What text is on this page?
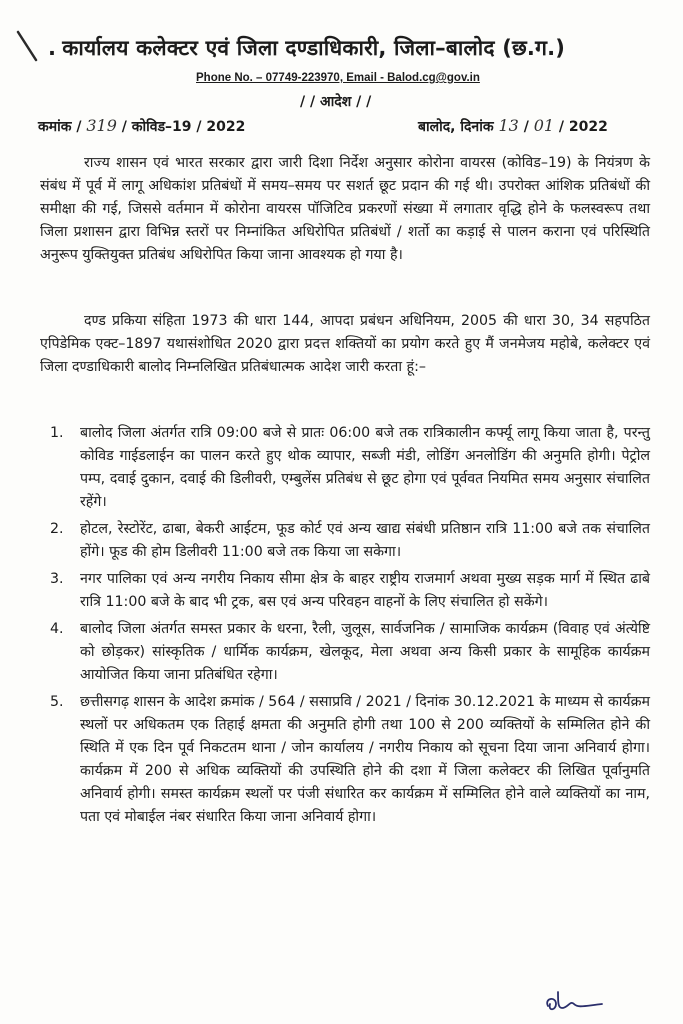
. कार्यालय कलेक्टर एवं जिला दण्डाधिकारी, जिला–बालोद (छ.ग.)
Phone No. – 07749-223970, Email - Balod.cg@gov.in
/ / आदेश / /
कमांक / 319 / कोविड–19 / 2022	बालोद, दिनांक 13 / 01 / 2022
राज्य शासन एवं भारत सरकार द्वारा जारी दिशा निर्देश अनुसार कोरोना वायरस (कोविड–19) के नियंत्रण के संबंध में पूर्व में लागू अधिकांश प्रतिबंधों में समय–समय पर सशर्त छूट प्रदान की गई थी। उपरोक्त आंशिक प्रतिबंधों की समीक्षा की गई, जिससे वर्तमान में कोरोना वायरस पॉजिटिव प्रकरणों संख्या में लगातार वृद्धि होने के फलस्वरूप तथा जिला प्रशासन द्वारा विभिन्न स्तरों पर निम्नांकित अधिरोपित प्रतिबंधों / शर्तो का कड़ाई से पालन कराना एवं परिस्थिति अनुरूप युक्तियुक्त प्रतिबंध अधिरोपित किया जाना आवश्यक हो गया है।
दण्ड प्रकिया संहिता 1973 की धारा 144, आपदा प्रबंधन अधिनियम, 2005 की धारा 30, 34 सहपठित एपिडेमिक एक्ट–1897 यथासंशोधित 2020 द्वारा प्रदत्त शक्तियों का प्रयोग करते हुए मैं जनमेजय महोबे, कलेक्टर एवं जिला दण्डाधिकारी बालोद निम्नलिखित प्रतिबंधात्मक आदेश जारी करता हूं:–
1.	बालोद जिला अंतर्गत रात्रि 09:00 बजे से प्रातः 06:00 बजे तक रात्रिकालीन कर्फ्यू लागू किया जाता है, परन्तु कोविड गाईडलाईन का पालन करते हुए थोक व्यापार, सब्जी मंडी, लोडिंग अनलोडिंग की अनुमति होगी। पेट्रोल पम्प, दवाई दुकान, दवाई की डिलीवरी, एम्बुलेंस प्रतिबंध से छूट होगा एवं पूर्ववत नियमित समय अनुसार संचालित रहेंगे।
2.	होटल, रेस्टोरेंट, ढाबा, बेकरी आईटम, फूड कोर्ट एवं अन्य खाद्य संबंधी प्रतिष्ठान रात्रि 11:00 बजे तक संचालित होंगे। फूड की होम डिलीवरी 11:00 बजे तक किया जा सकेगा।
3.	नगर पालिका एवं अन्य नगरीय निकाय सीमा क्षेत्र के बाहर राष्ट्रीय राजमार्ग अथवा मुख्य सड़क मार्ग में स्थित ढाबे रात्रि 11:00 बजे के बाद भी ट्रक, बस एवं अन्य परिवहन वाहनों के लिए संचालित हो सकेंगे।
4.	बालोद जिला अंतर्गत समस्त प्रकार के धरना, रैली, जुलूस, सार्वजनिक / सामाजिक कार्यक्रम (विवाह एवं अंत्येष्टि को छोड़कर) सांस्कृतिक / धार्मिक कार्यक्रम, खेलकूद, मेला अथवा अन्य किसी प्रकार के सामूहिक कार्यक्रम आयोजित किया जाना प्रतिबंधित रहेगा।
5.	छत्तीसगढ़ शासन के आदेश क्रमांक / 564 / ससाप्रवि / 2021 / दिनांक 30.12.2021 के माध्यम से कार्यक्रम स्थलों पर अधिकतम एक तिहाई क्षमता की अनुमति होगी तथा 100 से 200 व्यक्तियों के सम्मिलित होने की स्थिति में एक दिन पूर्व निकटतम थाना / जोन कार्यालय / नगरीय निकाय को सूचना दिया जाना अनिवार्य होगा। कार्यक्रम में 200 से अधिक व्यक्तियों की उपस्थिति होने की दशा में जिला कलेक्टर की लिखित पूर्वानुमति अनिवार्य होगी। समस्त कार्यक्रम स्थलों पर पंजी संधारित कर कार्यक्रम में सम्मिलित होने वाले व्यक्तियों का नाम, पता एवं मोबाईल नंबर संधारित किया जाना अनिवार्य होगा।
